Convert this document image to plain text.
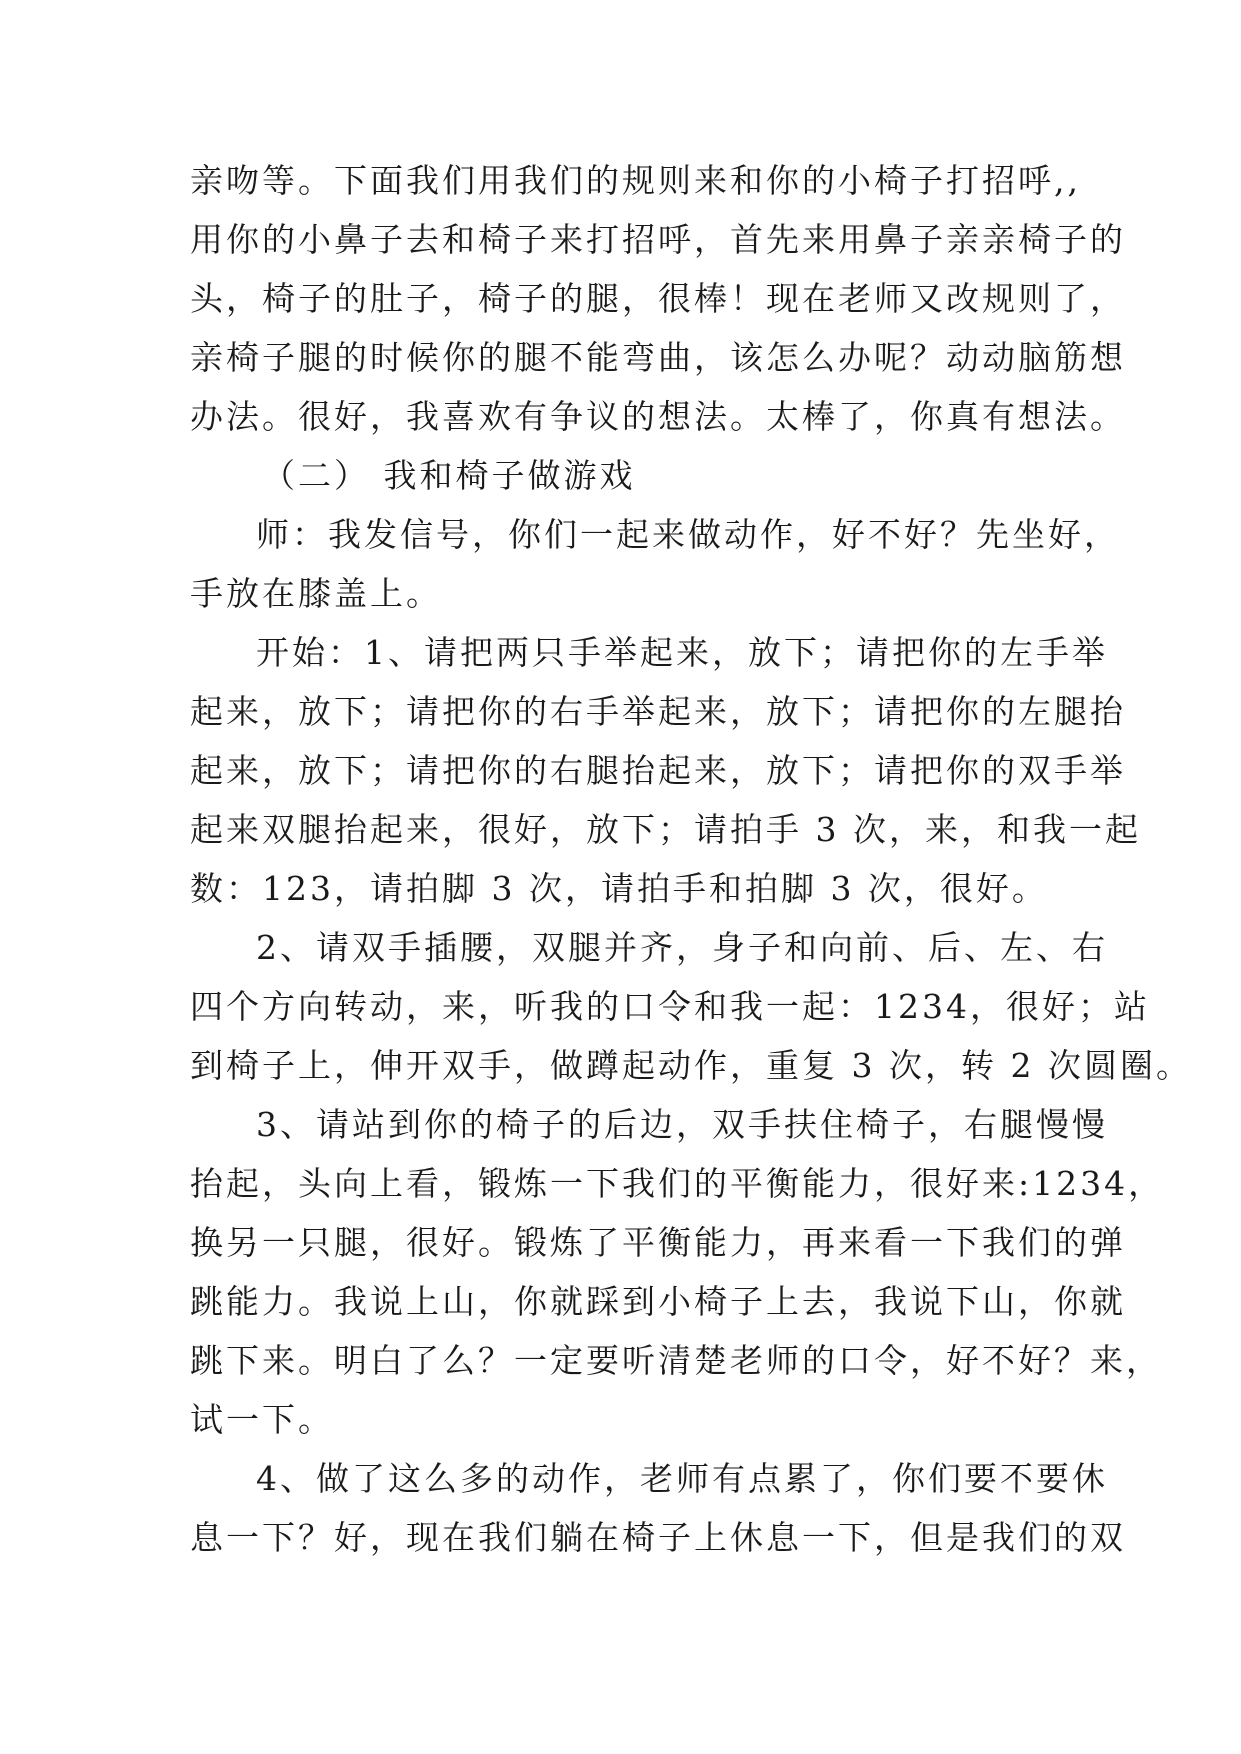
亲吻等。下面我们用我们的规则来和你的小椅子打招呼,,
用你的小鼻子去和椅子来打招呼，首先来用鼻子亲亲椅子的
头，椅子的肚子，椅子的腿，很棒！现在老师又改规则了，
亲椅子腿的时候你的腿不能弯曲，该怎么办呢？动动脑筋想
办法。很好，我喜欢有争议的想法。太棒了，你真有想法。
（二） 我和椅子做游戏
师：我发信号，你们一起来做动作，好不好？先坐好，
手放在膝盖上。
开始：1、请把两只手举起来，放下；请把你的左手举
起来，放下；请把你的右手举起来，放下；请把你的左腿抬
起来，放下；请把你的右腿抬起来，放下；请把你的双手举
起来双腿抬起来，很好，放下；请拍手 3 次，来，和我一起
数：123，请拍脚 3 次，请拍手和拍脚 3 次，很好。
2、请双手插腰，双腿并齐，身子和向前、后、左、右
四个方向转动，来，听我的口令和我一起：1234，很好；站
到椅子上，伸开双手，做蹲起动作，重复 3 次，转 2 次圆圈。
3、请站到你的椅子的后边，双手扶住椅子，右腿慢慢
抬起，头向上看，锻炼一下我们的平衡能力，很好来:1234，
换另一只腿，很好。锻炼了平衡能力，再来看一下我们的弹
跳能力。我说上山，你就踩到小椅子上去，我说下山，你就
跳下来。明白了么？一定要听清楚老师的口令，好不好？来，
试一下。
4、做了这么多的动作，老师有点累了，你们要不要休
息一下？好，现在我们躺在椅子上休息一下，但是我们的双
